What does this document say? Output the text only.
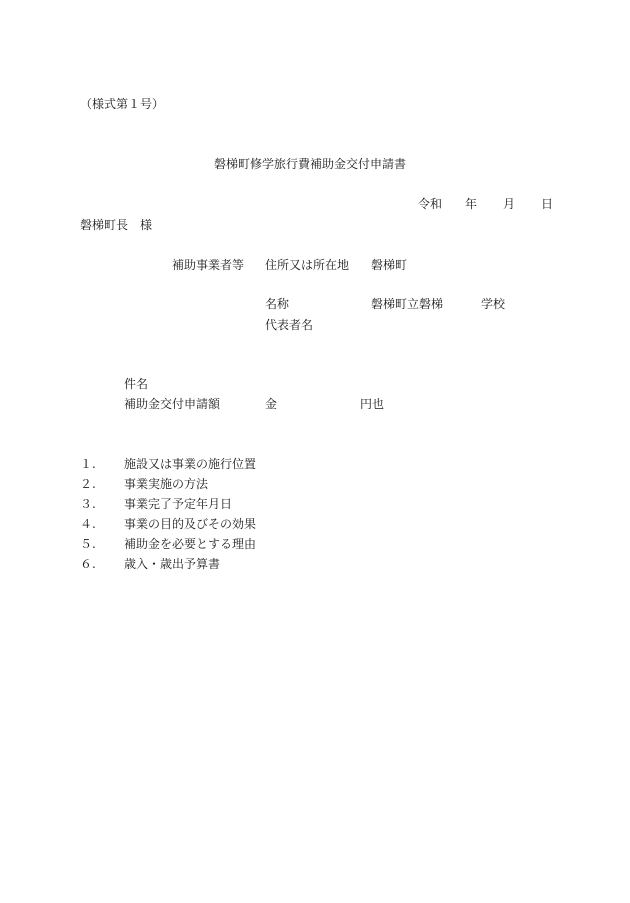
（様式第１号）
磐梯町修学旅行費補助金交付申請書
令和 年 月 日
磐梯町長 様
補助事業者等 住所又は所在地 磐梯町
名称	磐梯町立磐梯	学校
代表者名
件名
補助金交付申請額	金	円也
１.	施設又は事業の施行位置
２.	事業実施の方法
３.	事業完了予定年月日
４.	事業の目的及びその効果
５.	補助金を必要とする理由
６.	歳入・歳出予算書
